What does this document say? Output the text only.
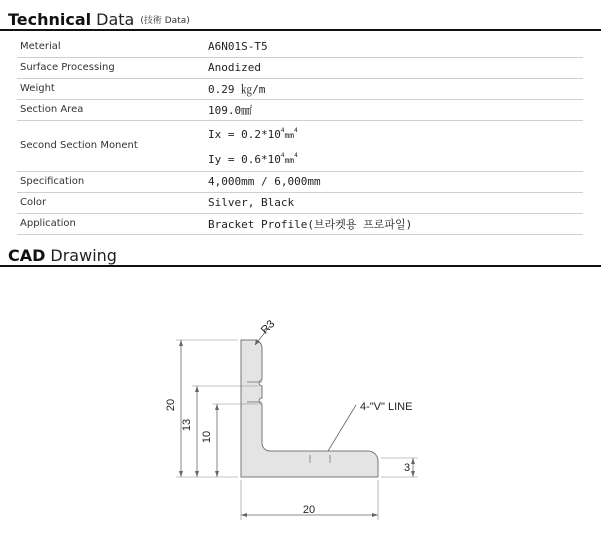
Technical Data (技術 Data)
Meterial	A6N01S-T5
Surface Processing	Anodized
Weight	0.29 ㎏/m
Section Area	109.0㎟
Second Section Monent	$Ix = 0.2*10^4mm^4$
$Iy = 0.6*10^4mm^4$

Specification	4,000mm / 6,000mm
Color	Silver, Black
Application	Bracket Profile(브라켓용 프로파일)
CAD Drawing
R3
4-"V" LINE
20
13
10
3
20
